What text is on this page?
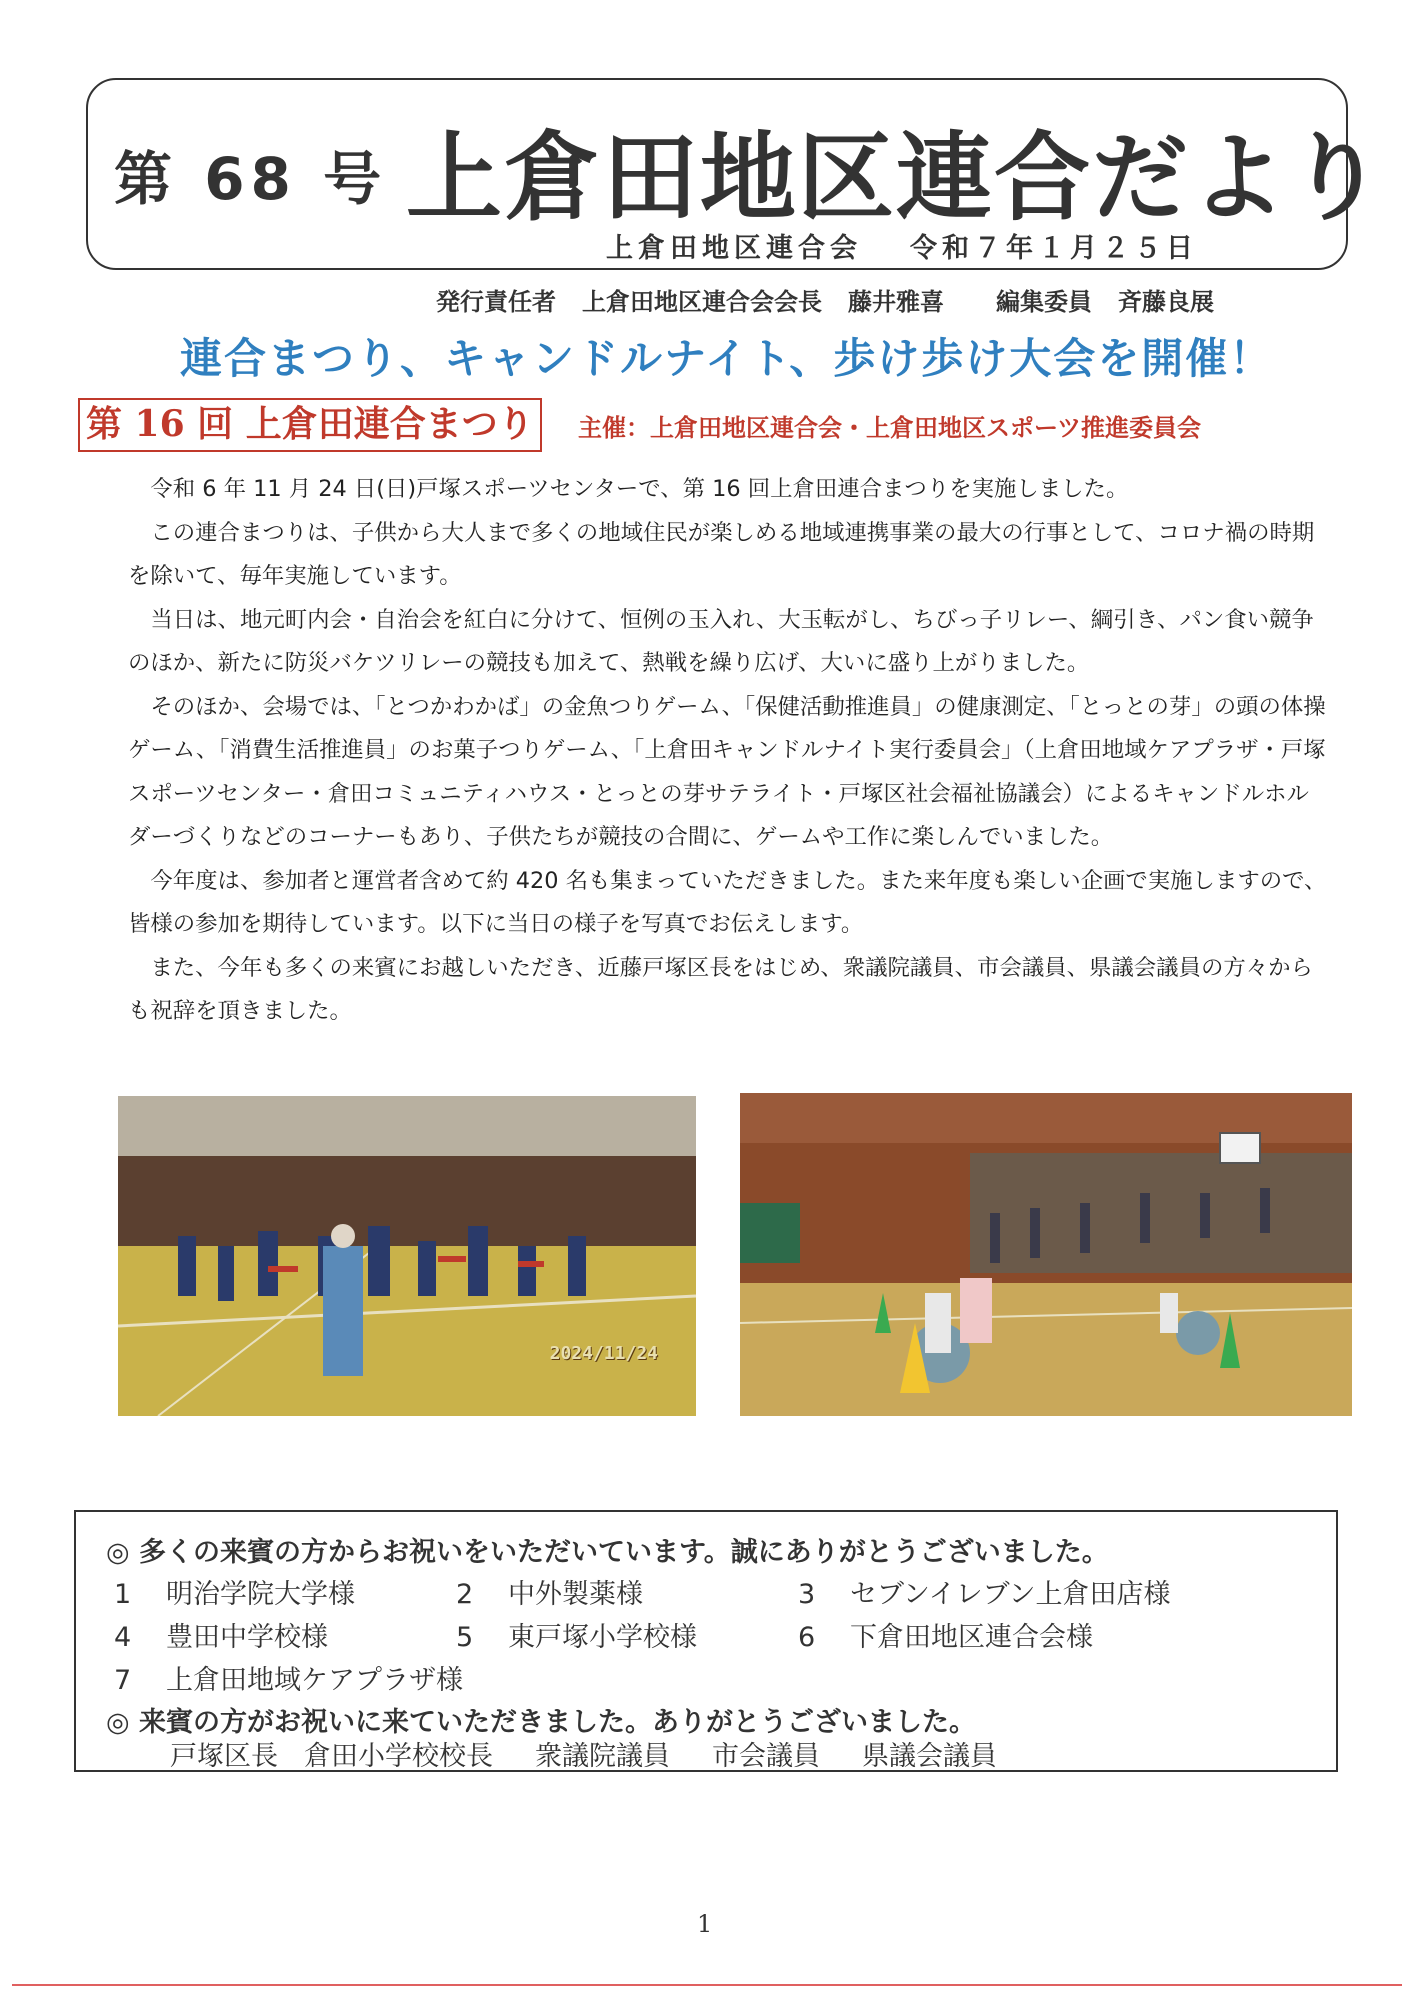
第 68 号 上倉田地区連合だより
上倉田地区連合会 令和７年１月２５日
発行責任者 上倉田地区連合会会長 藤井雅喜 編集委員 斉藤良展
連合まつり、キャンドルナイト、歩け歩け大会を開催！
第 16 回 上倉田連合まつり	主催：上倉田地区連合会・上倉田地区スポーツ推進委員会

令和 6 年 11 月 24 日(日)戸塚スポーツセンターで、第 16 回上倉田連合まつりを実施しました。

この連合まつりは、子供から大人まで多くの地域住民が楽しめる地域連携事業の最大の行事として、コロナ禍の時期を除いて、毎年実施しています。

当日は、地元町内会・自治会を紅白に分けて、恒例の玉入れ、大玉転がし、ちびっ子リレー、綱引き、パン食い競争のほか、新たに防災バケツリレーの競技も加えて、熱戦を繰り広げ、大いに盛り上がりました。

そのほか、会場では、「とつかわかば」の金魚つりゲーム、「保健活動推進員」の健康測定、「とっとの芽」の頭の体操ゲーム、「消費生活推進員」のお菓子つりゲーム、「上倉田キャンドルナイト実行委員会」（上倉田地域ケアプラザ・戸塚スポーツセンター・倉田コミュニティハウス・とっとの芽サテライト・戸塚区社会福祉協議会）によるキャンドルホルダーづくりなどのコーナーもあり、子供たちが競技の合間に、ゲームや工作に楽しんでいました。

今年度は、参加者と運営者含めて約 420 名も集まっていただきました。また来年度も楽しい企画で実施しますので、皆様の参加を期待しています。以下に当日の様子を写真でお伝えします。

また、今年も多くの来賓にお越しいただき、近藤戸塚区長をはじめ、衆議院議員、市会議員、県議会議員の方々からも祝辞を頂きました。

2024/11/24
◎ 多くの来賓の方からお祝いをいただいています。誠にありがとうございました。
1 明治学院大学様	2 中外製薬様	3 セブンイレブン上倉田店様
4 豊田中学校様	5 東戸塚小学校様	6 下倉田地区連合会様
7 上倉田地域ケアプラザ様
◎ 来賓の方がお祝いに来ていただきました。ありがとうございました。
戸塚区長 倉田小学校校長 衆議院議員 市会議員 県議会議員
1
